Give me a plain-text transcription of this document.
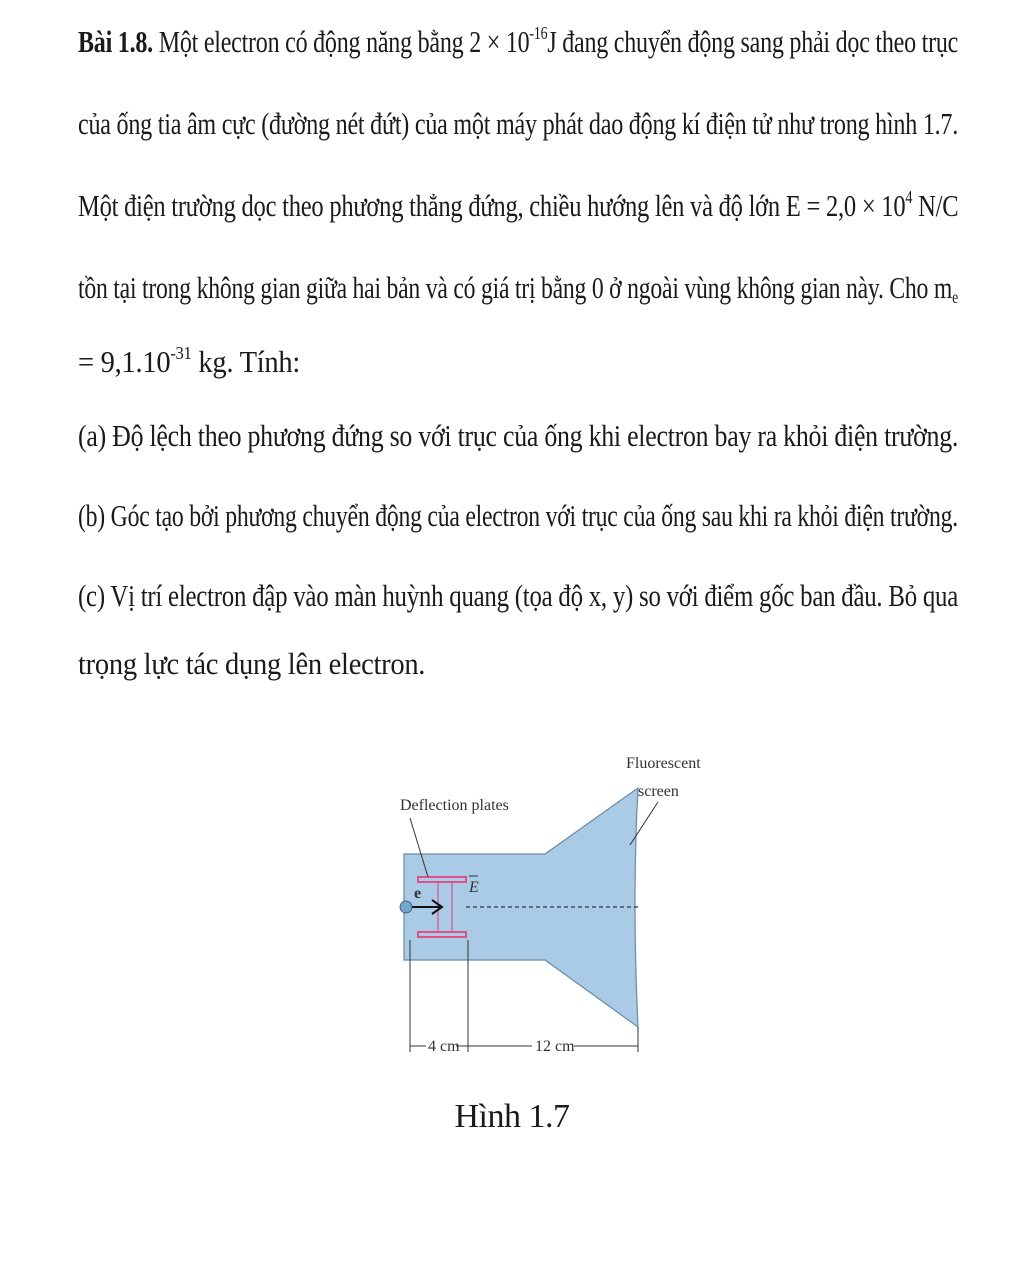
Bài 1.8. Một electron có động năng bằng $2 \times 10^{-16}J$ đang chuyển động sang phải dọc theo trục
của ống tia âm cực (đường nét đứt) của một máy phát dao động kí điện tử như trong hình 1.7.
Một điện trường dọc theo phương thẳng đứng, chiều hướng lên và độ lớn $E = 2,0 \times 10^4$ N/C
tồn tại trong không gian giữa hai bản và có giá trị bằng 0 ở ngoài vùng không gian này. Cho $m_e$
= $9,1.10^{-31}$ kg. Tính:
(a) Độ lệch theo phương đứng so với trục của ống khi electron bay ra khỏi điện trường.
(b) Góc tạo bởi phương chuyển động của electron với trục của ống sau khi ra khỏi điện trường.
(c) Vị trí electron đập vào màn huỳnh quang (tọa độ x, y) so với điểm gốc ban đầu. Bỏ qua
trọng lực tác dụng lên electron.
e	E
Fluorescent
screen
Deflection plates
4 cm	12 cm
Hình 1.7
